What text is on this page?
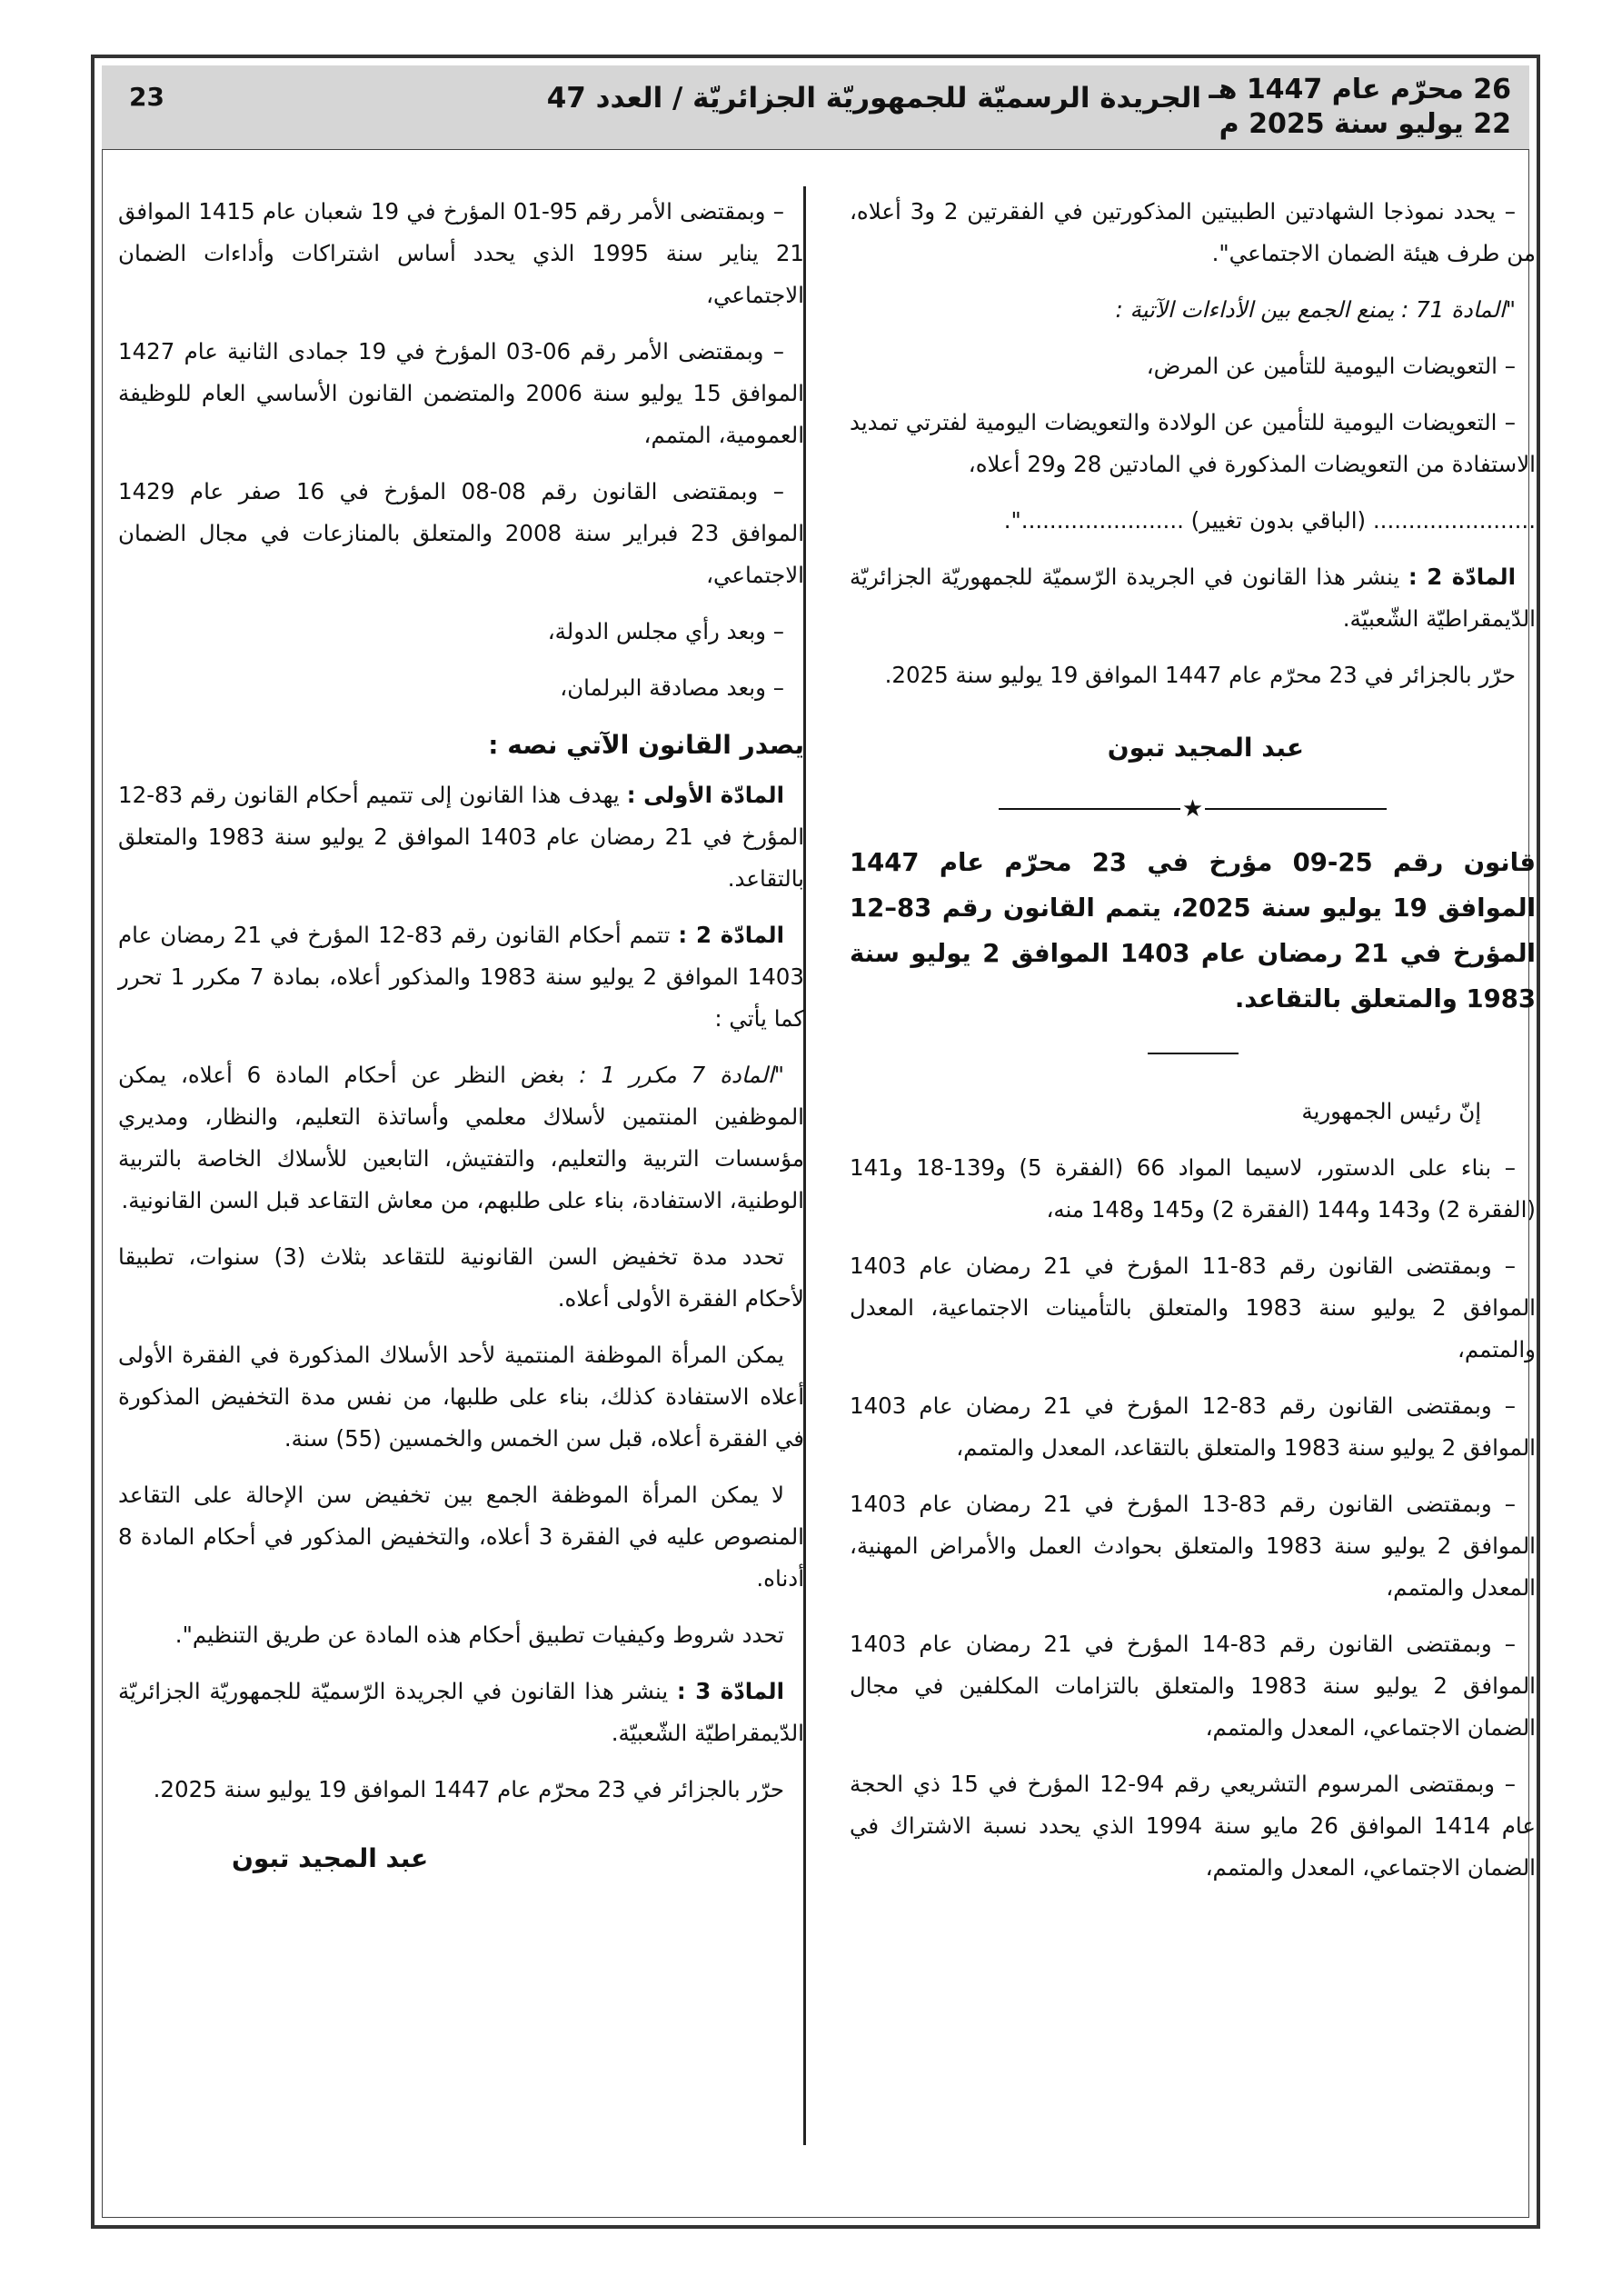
26 محرّم عام 1447 هـ
22 يوليو سنة 2025 م
الجريدة الرسميّة للجمهوريّة الجزائريّة / العدد 47
23

– يحدد نموذجا الشهادتين الطبيتين المذكورتين في الفقرتين 2 و3 أعلاه، من طرف هيئة الضمان الاجتماعي".

"المادة 71 : يمنع الجمع بين الأداءات الآتية :

– التعويضات اليومية للتأمين عن المرض،

– التعويضات اليومية للتأمين عن الولادة والتعويضات اليومية لفترتي تمديد الاستفادة من التعويضات المذكورة في المادتين 28 و29 أعلاه،

....................... (الباقي بدون تغيير) .......................".

المادّة 2 : ينشر هذا القانون في الجريدة الرّسميّة للجمهوريّة الجزائريّة الدّيمقراطيّة الشّعبيّة.

حرّر بالجزائر في 23 محرّم عام 1447 الموافق 19 يوليو سنة 2025.

عبد المجيد تبون
★
قانون رقم 25-09 مؤرخ في 23 محرّم عام 1447 الموافق 19 يوليو سنة 2025، يتمم القانون رقم 83–12 المؤرخ في 21 رمضان عام 1403 الموافق 2 يوليو سنة 1983 والمتعلق بالتقاعد.

إنّ رئيس الجمهورية

– بناء على الدستور، لاسيما المواد 66 (الفقرة 5) و139-18 و141 (الفقرة 2) و143 و144 (الفقرة 2) و145 و148 منه،

– وبمقتضى القانون رقم 83-11 المؤرخ في 21 رمضان عام 1403 الموافق 2 يوليو سنة 1983 والمتعلق بالتأمينات الاجتماعية، المعدل والمتمم،

– وبمقتضى القانون رقم 83-12 المؤرخ في 21 رمضان عام 1403 الموافق 2 يوليو سنة 1983 والمتعلق بالتقاعد، المعدل والمتمم،

– وبمقتضى القانون رقم 83-13 المؤرخ في 21 رمضان عام 1403 الموافق 2 يوليو سنة 1983 والمتعلق بحوادث العمل والأمراض المهنية، المعدل والمتمم،

– وبمقتضى القانون رقم 83-14 المؤرخ في 21 رمضان عام 1403 الموافق 2 يوليو سنة 1983 والمتعلق بالتزامات المكلفين في مجال الضمان الاجتماعي، المعدل والمتمم،

– وبمقتضى المرسوم التشريعي رقم 94-12 المؤرخ في 15 ذي الحجة عام 1414 الموافق 26 مايو سنة 1994 الذي يحدد نسبة الاشتراك في الضمان الاجتماعي، المعدل والمتمم،

– وبمقتضى الأمر رقم 95-01 المؤرخ في 19 شعبان عام 1415 الموافق 21 يناير سنة 1995 الذي يحدد أساس اشتراكات وأداءات الضمان الاجتماعي،

– وبمقتضى الأمر رقم 06-03 المؤرخ في 19 جمادى الثانية عام 1427 الموافق 15 يوليو سنة 2006 والمتضمن القانون الأساسي العام للوظيفة العمومية، المتمم،

– وبمقتضى القانون رقم 08-08 المؤرخ في 16 صفر عام 1429 الموافق 23 فبراير سنة 2008 والمتعلق بالمنازعات في مجال الضمان الاجتماعي،

– وبعد رأي مجلس الدولة،

– وبعد مصادقة البرلمان،

يصدر القانون الآتي نصه :

المادّة الأولى : يهدف هذا القانون إلى تتميم أحكام القانون رقم 83-12 المؤرخ في 21 رمضان عام 1403 الموافق 2 يوليو سنة 1983 والمتعلق بالتقاعد.

المادّة 2 : تتمم أحكام القانون رقم 83-12 المؤرخ في 21 رمضان عام 1403 الموافق 2 يوليو سنة 1983 والمذكور أعلاه، بمادة 7 مكرر 1 تحرر كما يأتي :

"المادة 7 مكرر 1 : بغض النظر عن أحكام المادة 6 أعلاه، يمكن الموظفين المنتمين لأسلاك معلمي وأساتذة التعليم، والنظار، ومديري مؤسسات التربية والتعليم، والتفتيش، التابعين للأسلاك الخاصة بالتربية الوطنية، الاستفادة، بناء على طلبهم، من معاش التقاعد قبل السن القانونية.

تحدد مدة تخفيض السن القانونية للتقاعد بثلاث (3) سنوات، تطبيقا لأحكام الفقرة الأولى أعلاه.

يمكن المرأة الموظفة المنتمية لأحد الأسلاك المذكورة في الفقرة الأولى أعلاه الاستفادة كذلك، بناء على طلبها، من نفس مدة التخفيض المذكورة في الفقرة أعلاه، قبل سن الخمس والخمسين (55) سنة.

لا يمكن المرأة الموظفة الجمع بين تخفيض سن الإحالة على التقاعد المنصوص عليه في الفقرة 3 أعلاه، والتخفيض المذكور في أحكام المادة 8 أدناه.

تحدد شروط وكيفيات تطبيق أحكام هذه المادة عن طريق التنظيم".

المادّة 3 : ينشر هذا القانون في الجريدة الرّسميّة للجمهوريّة الجزائريّة الدّيمقراطيّة الشّعبيّة.

حرّر بالجزائر في 23 محرّم عام 1447 الموافق 19 يوليو سنة 2025.

عبد المجيد تبون
